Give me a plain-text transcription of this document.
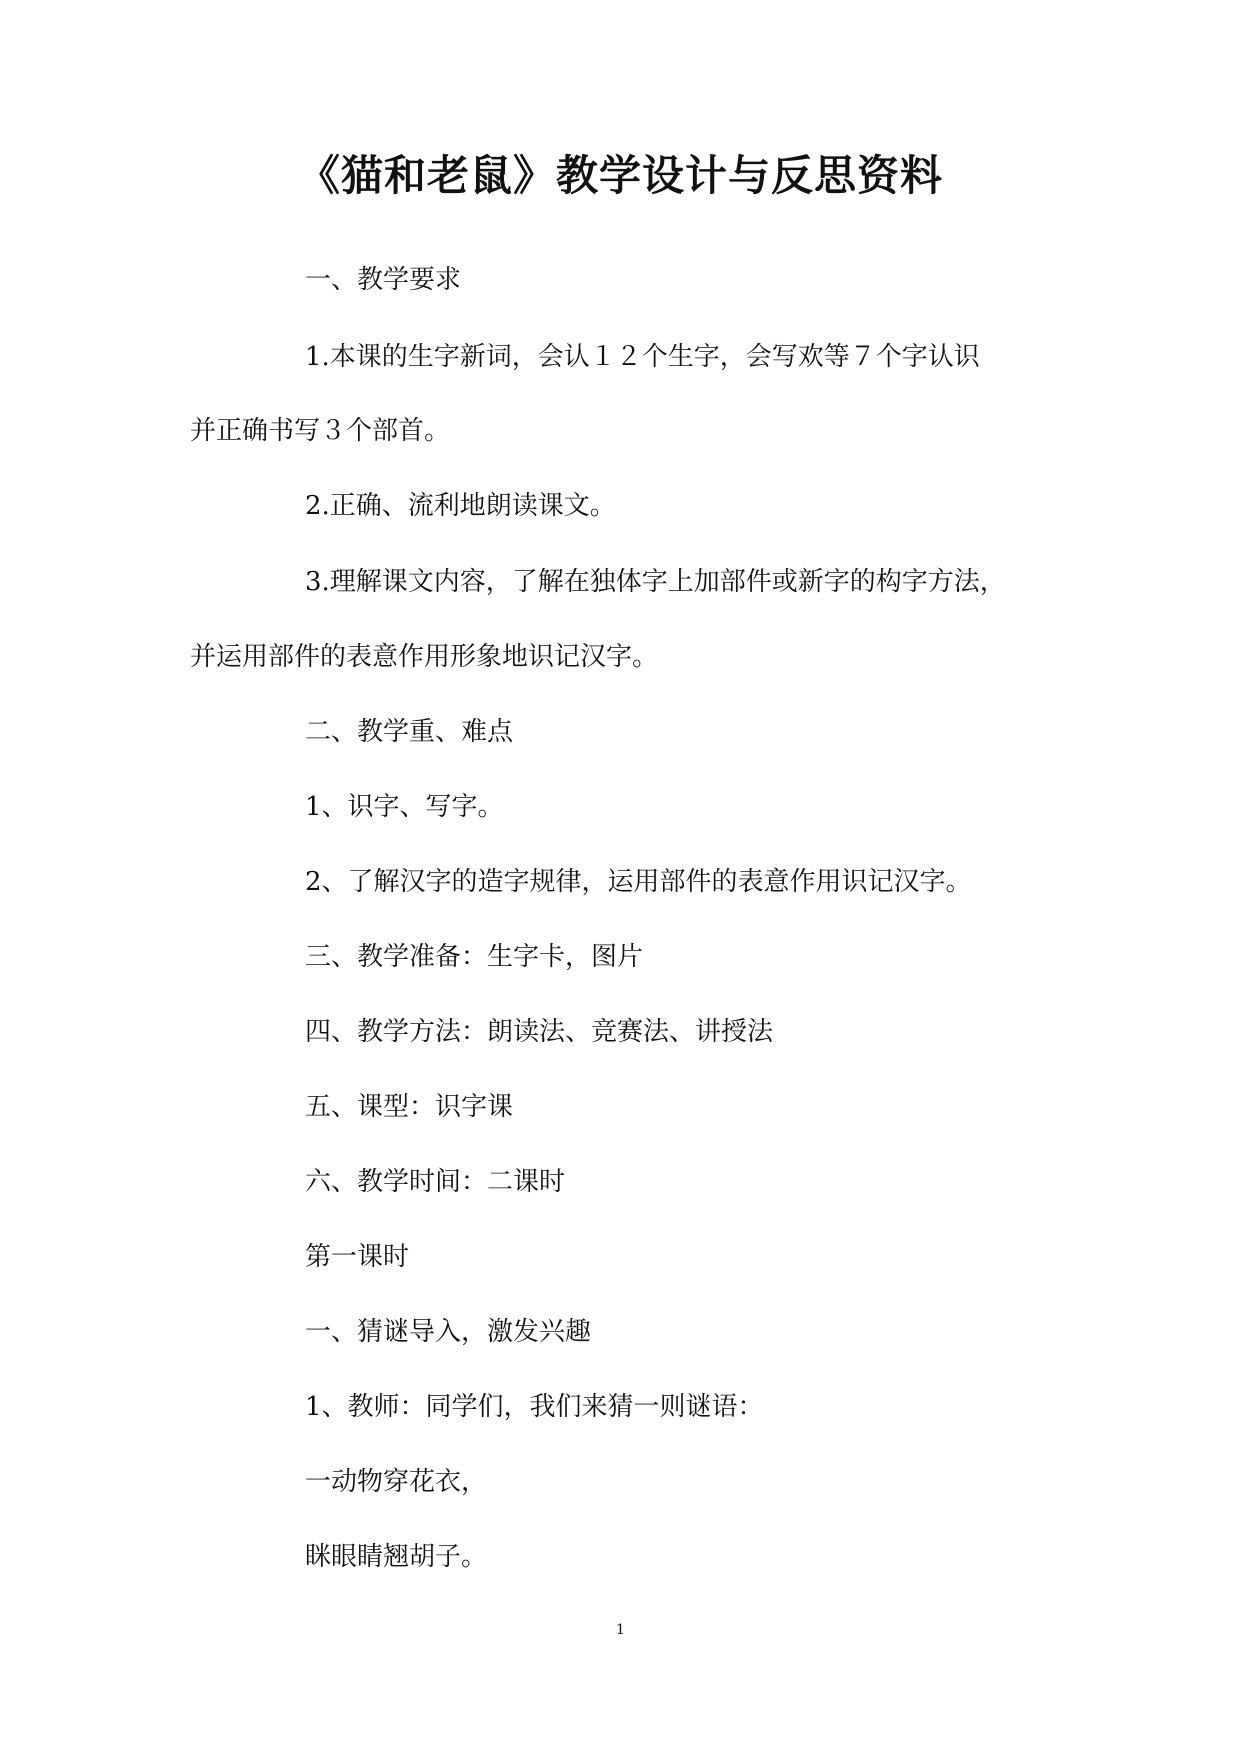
《猫和老鼠》教学设计与反思资料
一、教学要求
1.本课的生字新词，会认１２个生字，会写欢等７个字认识
并正确书写３个部首。
2.正确、流利地朗读课文。
3.理解课文内容，了解在独体字上加部件或新字的构字方法，
并运用部件的表意作用形象地识记汉字。
二、教学重、难点
1、识字、写字。
2、了解汉字的造字规律，运用部件的表意作用识记汉字。
三、教学准备：生字卡，图片
四、教学方法：朗读法、竞赛法、讲授法
五、课型：识字课
六、教学时间：二课时
第一课时
一、猜谜导入，激发兴趣
1、教师：同学们，我们来猜一则谜语：
一动物穿花衣，
眯眼睛翘胡子。
1
